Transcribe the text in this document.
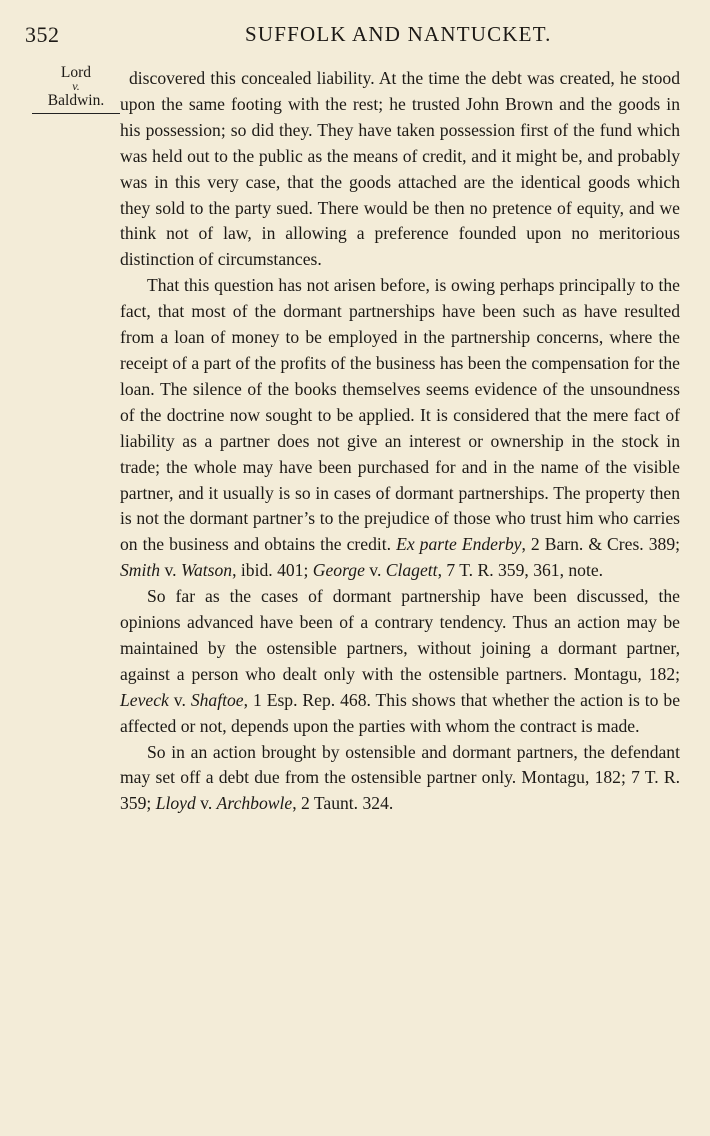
352	SUFFOLK AND NANTUCKET.
Lord
v.
Baldwin.

discovered this concealed liability. At the time the debt was created, he stood upon the same footing with the rest; he trusted John Brown and the goods in his possession; so did they. They have taken possession first of the fund which was held out to the public as the means of credit, and it might be, and probably was in this very case, that the goods attached are the identical goods which they sold to the party sued. There would be then no pretence of equity, and we think not of law, in allowing a preference founded upon no meritorious distinction of circumstances.

That this question has not arisen before, is owing perhaps principally to the fact, that most of the dormant partnerships have been such as have resulted from a loan of money to be employed in the partnership concerns, where the receipt of a part of the profits of the business has been the compensation for the loan. The silence of the books themselves seems evidence of the unsoundness of the doctrine now sought to be applied. It is considered that the mere fact of liability as a partner does not give an interest or ownership in the stock in trade; the whole may have been purchased for and in the name of the visible partner, and it usually is so in cases of dormant partnerships. The property then is not the dormant partner’s to the prejudice of those who trust him who carries on the business and obtains the credit. Ex parte Enderby, 2 Barn. & Cres. 389; Smith v. Watson, ibid. 401; George v. Clagett, 7 T. R. 359, 361, note.

So far as the cases of dormant partnership have been discussed, the opinions advanced have been of a contrary tendency. Thus an action may be maintained by the ostensible partners, without joining a dormant partner, against a person who dealt only with the ostensible partners. Montagu, 182; Leveck v. Shaftoe, 1 Esp. Rep. 468. This shows that whether the action is to be affected or not, depends upon the parties with whom the contract is made.

So in an action brought by ostensible and dormant partners, the defendant may set off a debt due from the ostensible partner only. Montagu, 182; 7 T. R. 359; Lloyd v. Archbowle, 2 Taunt. 324.
